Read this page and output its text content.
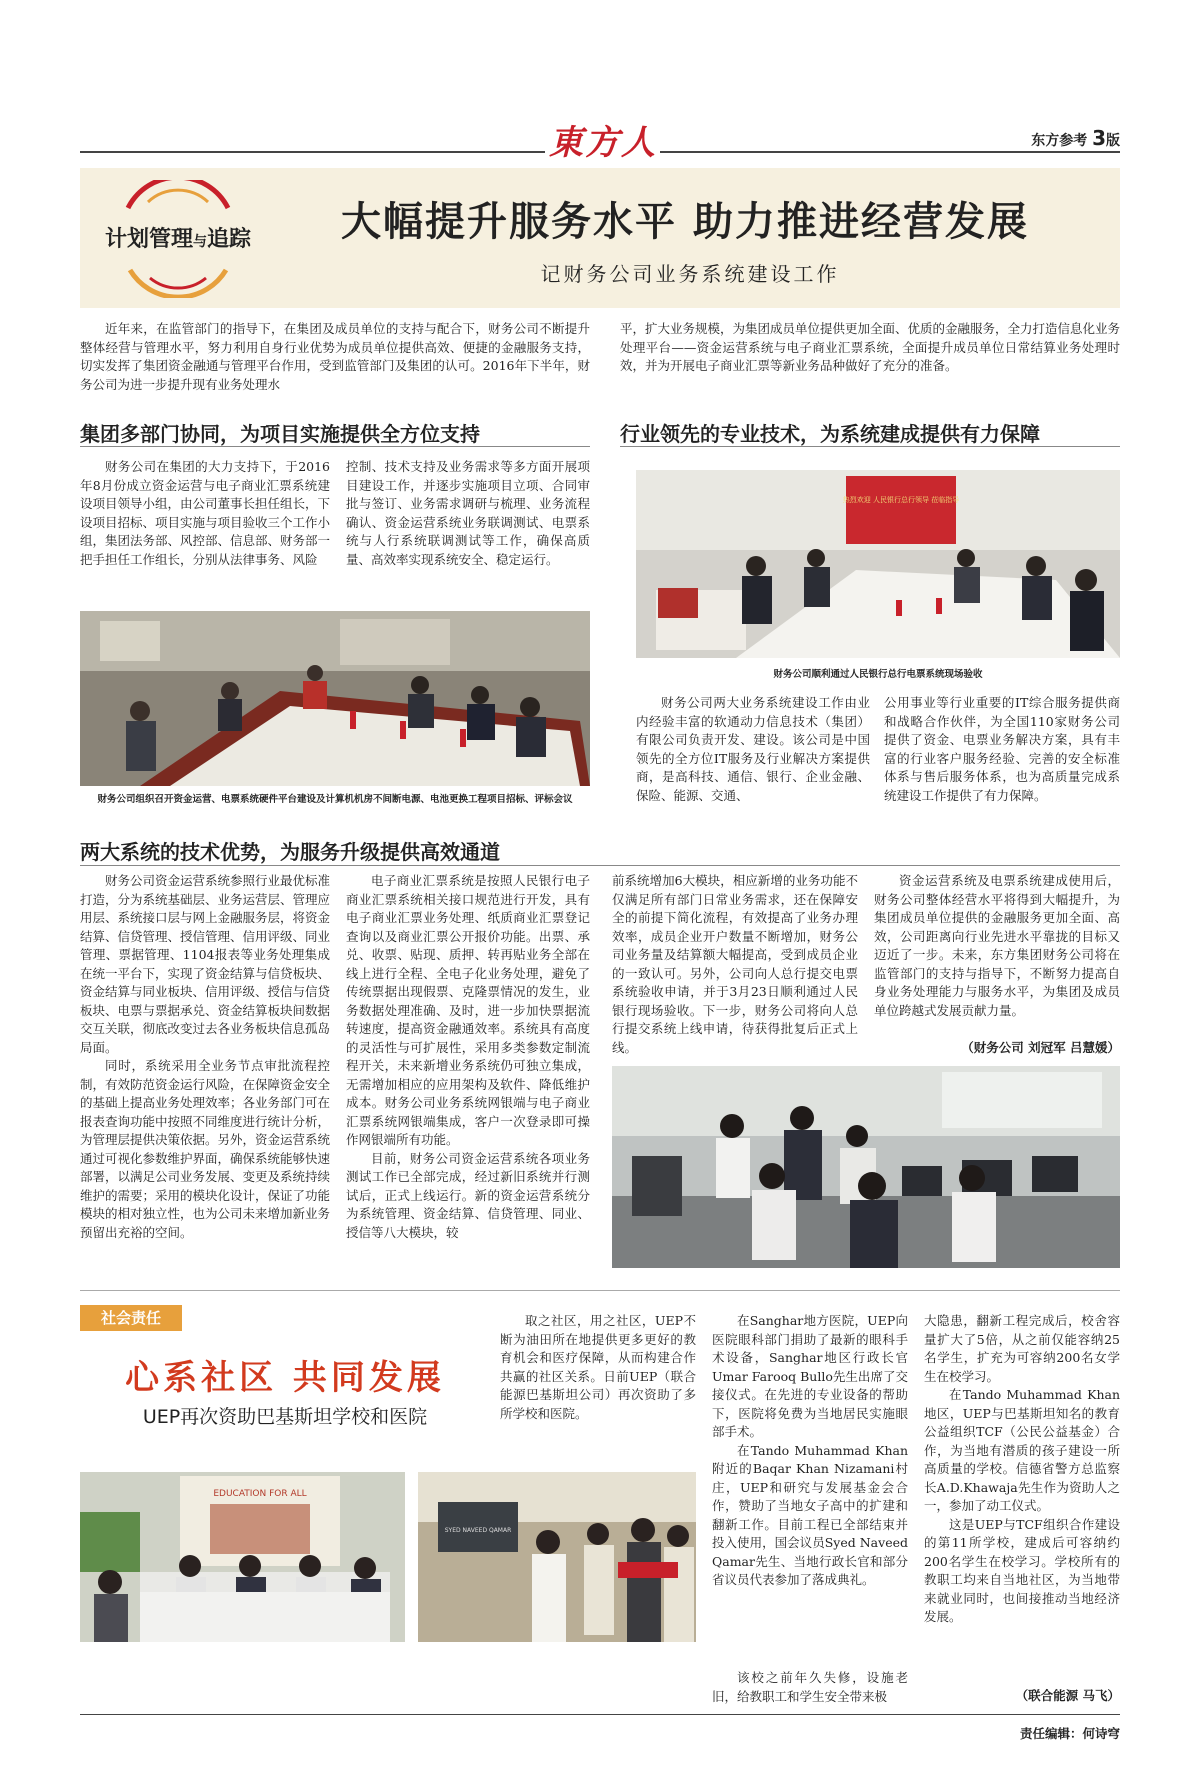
東方人	东方参考 3版
计划管理与追踪	大幅提升服务水平 助力推进经营发展
记财务公司业务系统建设工作

近年来，在监管部门的指导下，在集团及成员单位的支持与配合下，财务公司不断提升整体经营与管理水平，努力利用自身行业优势为成员单位提供高效、便捷的金融服务支持，切实发挥了集团资金融通与管理平台作用，受到监管部门及集团的认可。2016年下半年，财务公司为进一步提升现有业务处理水

平，扩大业务规模，为集团成员单位提供更加全面、优质的金融服务，全力打造信息化业务处理平台——资金运营系统与电子商业汇票系统，全面提升成员单位日常结算业务处理时效，并为开展电子商业汇票等新业务品种做好了充分的准备。

集团多部门协同，为项目实施提供全方位支持

财务公司在集团的大力支持下，于2016年8月份成立资金运营与电子商业汇票系统建设项目领导小组，由公司董事长担任组长，下设项目招标、项目实施与项目验收三个工作小组，集团法务部、风控部、信息部、财务部一把手担任工作组长，分别从法律事务、风险

控制、技术支持及业务需求等多方面开展项目建设工作，并逐步实施项目立项、合同审批与签订、业务需求调研与梳理、业务流程确认、资金运营系统业务联调测试、电票系统与人行系统联调测试等工作，确保高质量、高效率实现系统安全、稳定运行。

财务公司组织召开资金运营、电票系统硬件平台建设及计算机机房不间断电源、电池更换工程项目招标、评标会议
行业领先的专业技术，为系统建成提供有力保障
热烈欢迎 人民银行总行领导 莅临指导
财务公司顺利通过人民银行总行电票系统现场验收

财务公司两大业务系统建设工作由业内经验丰富的软通动力信息技术（集团）有限公司负责开发、建设。该公司是中国领先的全方位IT服务及行业解决方案提供商，是高科技、通信、银行、企业金融、保险、能源、交通、

公用事业等行业重要的IT综合服务提供商和战略合作伙伴，为全国110家财务公司提供了资金、电票业务解决方案，具有丰富的行业客户服务经验、完善的安全标准体系与售后服务体系，也为高质量完成系统建设工作提供了有力保障。

两大系统的技术优势，为服务升级提供高效通道

财务公司资金运营系统参照行业最优标准打造，分为系统基础层、业务运营层、管理应用层、系统接口层与网上金融服务层，将资金结算、信贷管理、授信管理、信用评级、同业管理、票据管理、1104报表等业务处理集成在统一平台下，实现了资金结算与信贷板块、资金结算与同业板块、信用评级、授信与信贷板块、电票与票据承兑、资金结算板块间数据交互关联，彻底改变过去各业务板块信息孤岛局面。

同时，系统采用全业务节点审批流程控制，有效防范资金运行风险，在保障资金安全的基础上提高业务处理效率；各业务部门可在报表查询功能中按照不同维度进行统计分析，为管理层提供决策依据。另外，资金运营系统通过可视化参数维护界面，确保系统能够快速部署，以满足公司业务发展、变更及系统持续维护的需要；采用的模块化设计，保证了功能模块的相对独立性，也为公司未来增加新业务预留出充裕的空间。

电子商业汇票系统是按照人民银行电子商业汇票系统相关接口规范进行开发，具有电子商业汇票业务处理、纸质商业汇票登记查询以及商业汇票公开报价功能。出票、承兑、收票、贴现、质押、转再贴业务全部在线上进行全程、全电子化业务处理，避免了传统票据出现假票、克隆票情况的发生，业务数据处理准确、及时，进一步加快票据流转速度，提高资金融通效率。系统具有高度的灵活性与可扩展性，采用多类参数定制流程开关，未来新增业务系统仍可独立集成，无需增加相应的应用架构及软件、降低维护成本。财务公司业务系统网银端与电子商业汇票系统网银端集成，客户一次登录即可操作网银端所有功能。

目前，财务公司资金运营系统各项业务测试工作已全部完成，经过新旧系统并行测试后，正式上线运行。新的资金运营系统分为系统管理、资金结算、信贷管理、同业、授信等八大模块，较

前系统增加6大模块，相应新增的业务功能不仅满足所有部门日常业务需求，还在保障安全的前提下简化流程，有效提高了业务办理效率，成员企业开户数量不断增加，财务公司业务量及结算额大幅提高，受到成员企业的一致认可。另外，公司向人总行提交电票系统验收申请，并于3月23日顺利通过人民银行现场验收。下一步，财务公司将向人总行提交系统上线申请，待获得批复后正式上线。

资金运营系统及电票系统建成使用后，财务公司整体经营水平将得到大幅提升，为集团成员单位提供的金融服务更加全面、高效，公司距离向行业先进水平靠拢的目标又迈近了一步。未来，东方集团财务公司将在监管部门的支持与指导下，不断努力提高自身业务处理能力与服务水平，为集团及成员单位跨越式发展贡献力量。

（财务公司 刘冠军 吕慧媛）
社会责任
心系社区 共同发展
UEP再次资助巴基斯坦学校和医院

取之社区，用之社区，UEP不断为油田所在地提供更多更好的教育机会和医疗保障，从而构建合作共赢的社区关系。日前UEP（联合能源巴基斯坦公司）再次资助了多所学校和医院。

在Sanghar地方医院，UEP向医院眼科部门捐助了最新的眼科手术设备，Sanghar地区行政长官Umar Farooq Bullo先生出席了交接仪式。在先进的专业设备的帮助下，医院将免费为当地居民实施眼部手术。

在Tando Muhammad Khan附近的Baqar Khan Nizamani村庄，UEP和研究与发展基金会合作，赞助了当地女子高中的扩建和翻新工作。目前工程已全部结束并投入使用，国会议员Syed Naveed Qamar先生、当地行政长官和部分省议员代表参加了落成典礼。

该校之前年久失修，设施老旧，给教职工和学生安全带来极

大隐患，翻新工程完成后，校舍容量扩大了5倍，从之前仅能容纳25名学生，扩充为可容纳200名女学生在校学习。

在Tando Muhammad Khan地区，UEP与巴基斯坦知名的教育公益组织TCF（公民公益基金）合作，为当地有潜质的孩子建设一所高质量的学校。信德省警方总监察长A.D.Khawaja先生作为资助人之一，参加了动工仪式。

这是UEP与TCF组织合作建设的第11所学校，建成后可容纳约200名学生在校学习。学校所有的教职工均来自当地社区，为当地带来就业同时，也间接推动当地经济发展。

（联合能源 马飞）
EDUCATION FOR ALL
SYED NAVEED QAMAR
责任编辑：何诗穹
